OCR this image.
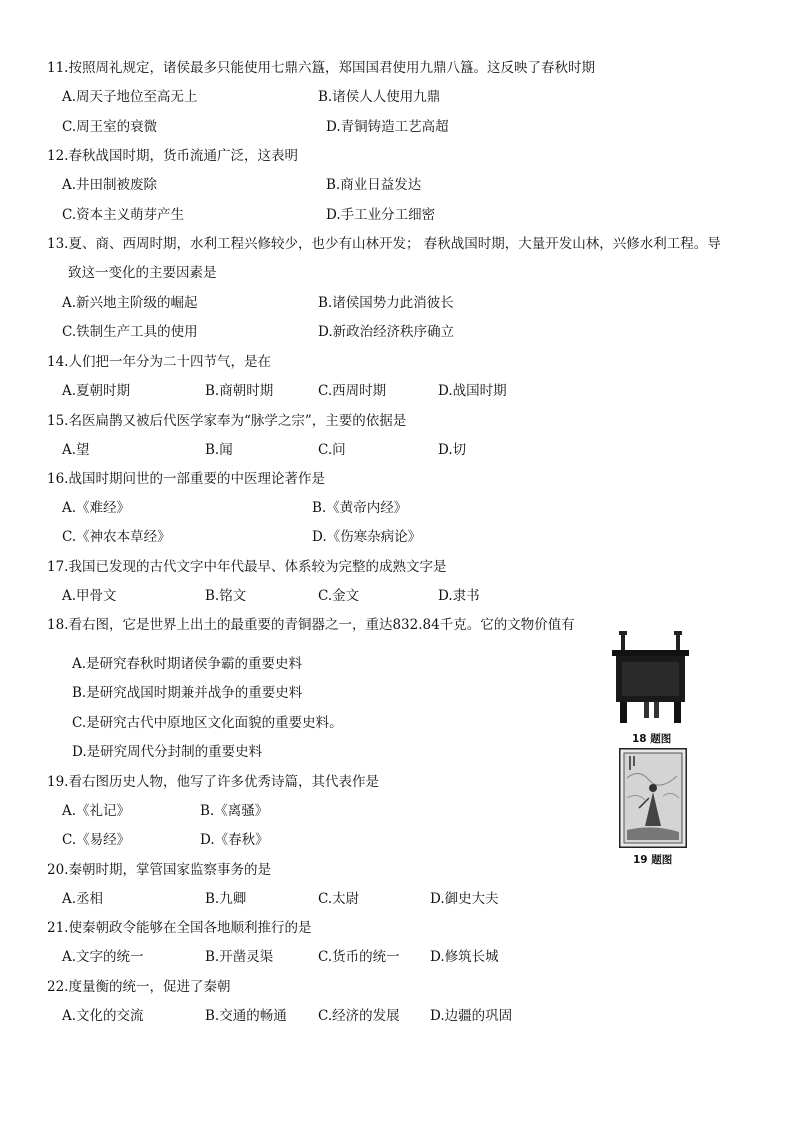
11.按照周礼规定，诸侯最多只能使用七鼎六簋，郑国国君使用九鼎八簋。这反映了春秋时期
A.周天子地位至高无上	B.诸侯人人使用九鼎
C.周王室的衰微	D.青铜铸造工艺高超
12.春秋战国时期，货币流通广泛，这表明
A.井田制被废除	B.商业日益发达
C.资本主义萌芽产生	D.手工业分工细密
13.夏、商、西周时期，水利工程兴修较少，也少有山林开发； 春秋战国时期，大量开发山林，兴修水利工程。导
致这一变化的主要因素是
A.新兴地主阶级的崛起	B.诸侯国势力此消彼长
C.铁制生产工具的使用	D.新政治经济秩序确立
14.人们把一年分为二十四节气，是在
A.夏朝时期	B.商朝时期	C.西周时期	D.战国时期
15.名医扁鹊又被后代医学家奉为“脉学之宗”，主要的依据是
A.望	B.闻	C.问	D.切
16.战国时期问世的一部重要的中医理论著作是
A.《难经》	B.《黄帝内经》
C.《神农本草经》	D.《伤寒杂病论》
17.我国已发现的古代文字中年代最早、体系较为完整的成熟文字是
A.甲骨文	B.铭文	C.金文	D.隶书
18.看右图，它是世界上出土的最重要的青铜器之一，重达832.84千克。它的文物价值有
A.是研究春秋时期诸侯争霸的重要史料
B.是研究战国时期兼并战争的重要史料
C.是研究古代中原地区文化面貌的重要史料。
D.是研究周代分封制的重要史料
18 题图
19.看右图历史人物，他写了许多优秀诗篇，其代表作是
A.《礼记》	B.《离骚》
C.《易经》	D.《春秋》
19 题图
20.秦朝时期，掌管国家监察事务的是
A.丞相	B.九卿	C.太尉	D.御史大夫
21.使秦朝政令能够在全国各地顺利推行的是
A.文字的统一	B.开凿灵渠	C.货币的统一 D.修筑长城
22.度量衡的统一，促进了秦朝
A.文化的交流	B.交通的畅通 C.经济的发展 D.边疆的巩固
